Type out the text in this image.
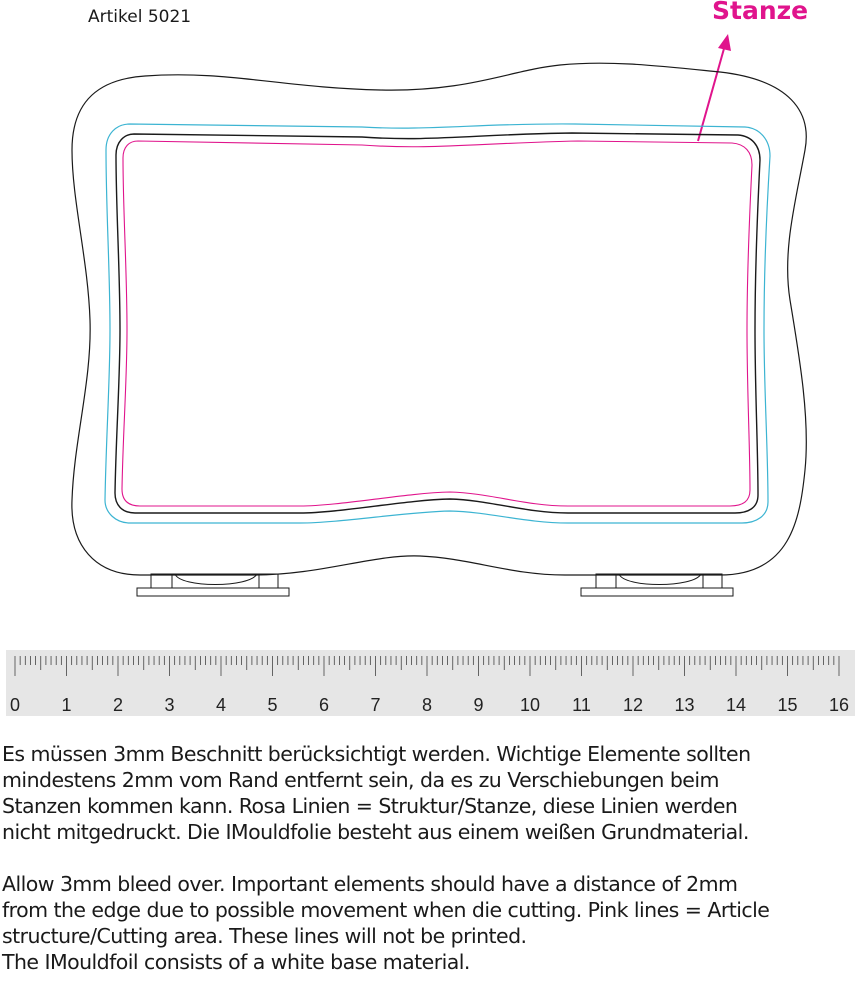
Artikel 5021	Stanze
0 1 2 3 4 5 6 7 8 9 10 11 12 13 14 15 16

Es müssen 3mm Beschnitt berücksichtigt werden. Wichtige Elemente sollten
mindestens 2mm vom Rand entfernt sein, da es zu Verschiebungen beim
Stanzen kommen kann. Rosa Linien = Struktur/Stanze, diese Linien werden
nicht mitgedruckt. Die IMouldfolie besteht aus einem weißen Grundmaterial.

Allow 3mm bleed over. Important elements should have a distance of 2mm
from the edge due to possible movement when die cutting. Pink lines = Article
structure/Cutting area. These lines will not be printed.
The IMouldfoil consists of a white base material.
